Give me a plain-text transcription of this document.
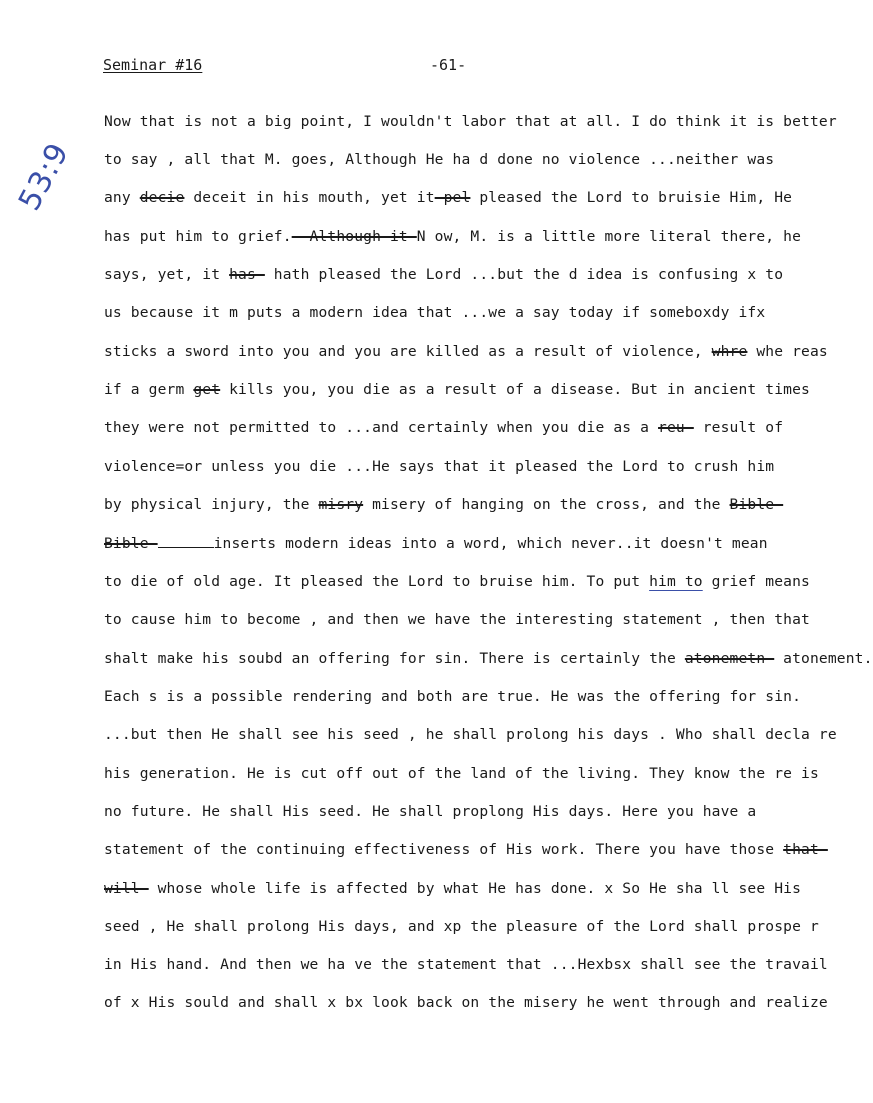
Seminar #16	-61-
53:9
Now that is not a big point, I wouldn't labor that at all. I do think it is better
to say , all that M. goes, Although He ha d done no violence ...neither was
any decie deceit in his mouth, yet it-pel pleased the Lord to bruisie Him, He
has put him to grief.--Although-it-N ow, M. is a little more literal there, he
says, yet, it has- hath pleased the Lord ...but the d idea is confusing x to
us because it m puts a modern idea that ...we a say today if someboxdy ifx
sticks a sword into you and you are killed as a result of violence, whre whe reas
if a germ get kills you, you die as a result of a disease. But in ancient times
they were not permitted to ...and certainly when you die as a reu- result of
violence=or unless you die ...He says that it pleased the Lord to crush him
by physical injury, the misry misery of hanging on the cross, and the Bible-
Bible-	inserts modern ideas into a word, which never..it doesn't mean
to die of old age. It pleased the Lord to bruise him. To put him to grief means
to cause him to become , and then we have the interesting statement , then that
shalt make his soubd an offering for sin. There is certainly the atonemetn- atonement.
Each s is a possible rendering and both are true. He was the offering for sin.
...but then He shall see his seed , he shall prolong his days . Who shall decla re
his generation. He is cut off out of the land of the living. They know the re is
no future. He shall His seed. He shall proplong His days. Here you have a
statement of the continuing effectiveness of His work. There you have those that-
will- whose whole life is affected by what He has done. x So He sha ll see His
seed , He shall prolong His days, and xp the pleasure of the Lord shall prospe r
in His hand. And then we ha ve the statement that ...Hexbsx shall see the travail
of x His sould and shall x bx look back on the misery he went through and realize
